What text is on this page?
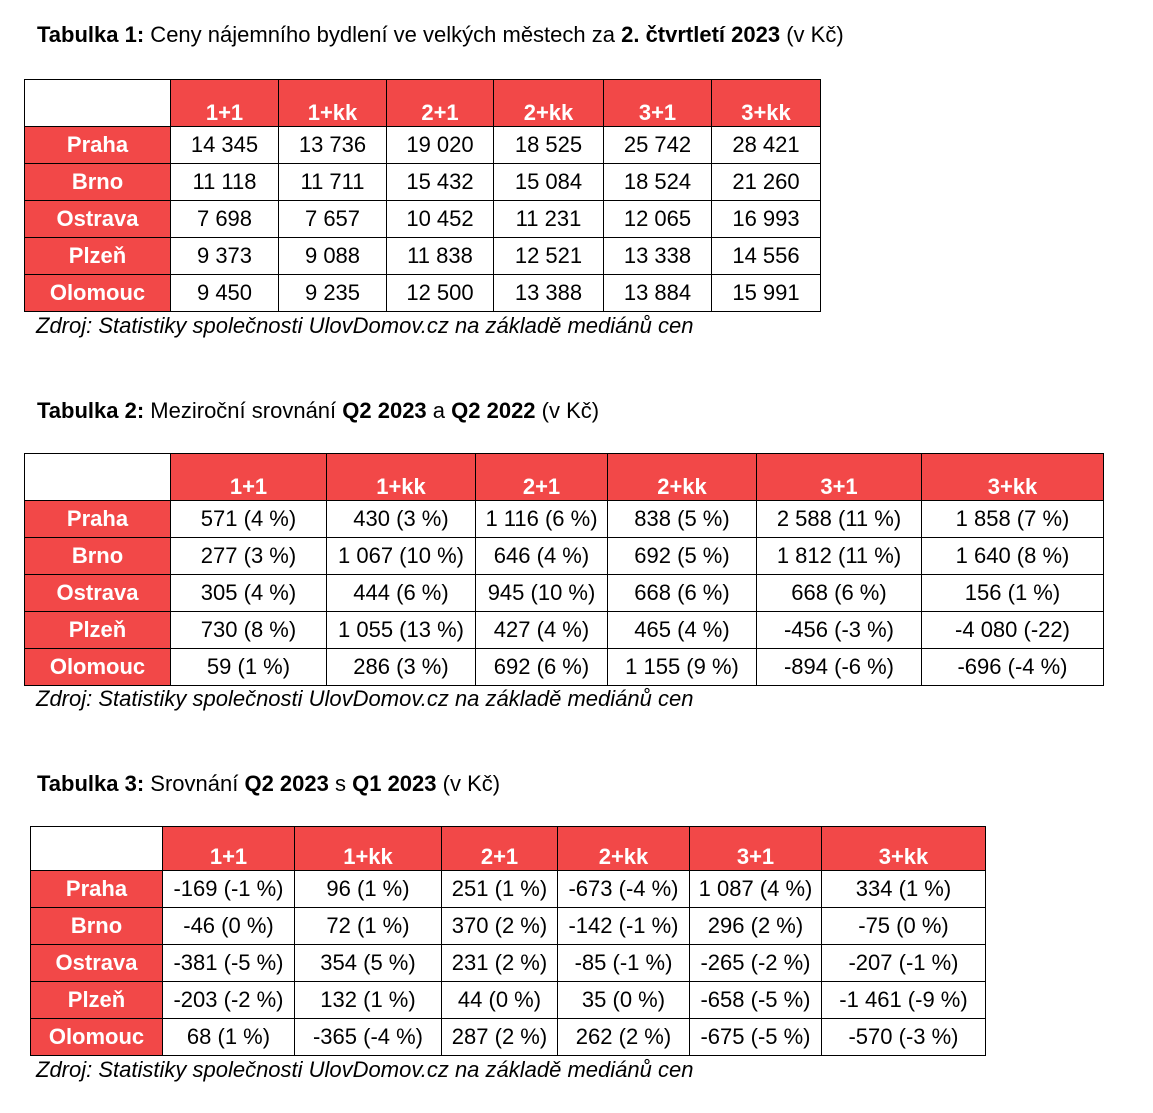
Tabulka 1: Ceny nájemního bydlení ve velkých městech za 2. čtvrtletí 2023 (v Kč)
	1+1	1+kk	2+1	2+kk	3+1	3+kk
Praha	14 345	13 736	19 020	18 525	25 742	28 421
Brno	11 118	11 711	15 432	15 084	18 524	21 260
Ostrava	7 698	7 657	10 452	11 231	12 065	16 993
Plzeň	9 373	9 088	11 838	12 521	13 338	14 556
Olomouc	9 450	9 235	12 500	13 388	13 884	15 991
Zdroj: Statistiky společnosti UlovDomov.cz na základě mediánů cen
Tabulka 2: Meziroční srovnání Q2 2023 a Q2 2022 (v Kč)
	1+1	1+kk	2+1	2+kk	3+1	3+kk
Praha	571 (4 %)	430 (3 %)	1 116 (6 %)	838 (5 %)	2 588 (11 %)	1 858 (7 %)
Brno	277 (3 %)	1 067 (10 %)	646 (4 %)	692 (5 %)	1 812 (11 %)	1 640 (8 %)
Ostrava	305 (4 %)	444 (6 %)	945 (10 %)	668 (6 %)	668 (6 %)	156 (1 %)
Plzeň	730 (8 %)	1 055 (13 %)	427 (4 %)	465 (4 %)	-456 (-3 %)	-4 080 (-22)
Olomouc	59 (1 %)	286 (3 %)	692 (6 %)	1 155 (9 %)	-894 (-6 %)	-696 (-4 %)
Zdroj: Statistiky společnosti UlovDomov.cz na základě mediánů cen
Tabulka 3: Srovnání Q2 2023 s Q1 2023 (v Kč)
	1+1	1+kk	2+1	2+kk	3+1	3+kk
Praha	-169 (-1 %)	96 (1 %)	251 (1 %)	-673 (-4 %)	1 087 (4 %)	334 (1 %)
Brno	-46 (0 %)	72 (1 %)	370 (2 %)	-142 (-1 %)	296 (2 %)	-75 (0 %)
Ostrava	-381 (-5 %)	354 (5 %)	231 (2 %)	-85 (-1 %)	-265 (-2 %)	-207 (-1 %)
Plzeň	-203 (-2 %)	132 (1 %)	44 (0 %)	35 (0 %)	-658 (-5 %)	-1 461 (-9 %)
Olomouc	68 (1 %)	-365 (-4 %)	287 (2 %)	262 (2 %)	-675 (-5 %)	-570 (-3 %)
Zdroj: Statistiky společnosti UlovDomov.cz na základě mediánů cen
